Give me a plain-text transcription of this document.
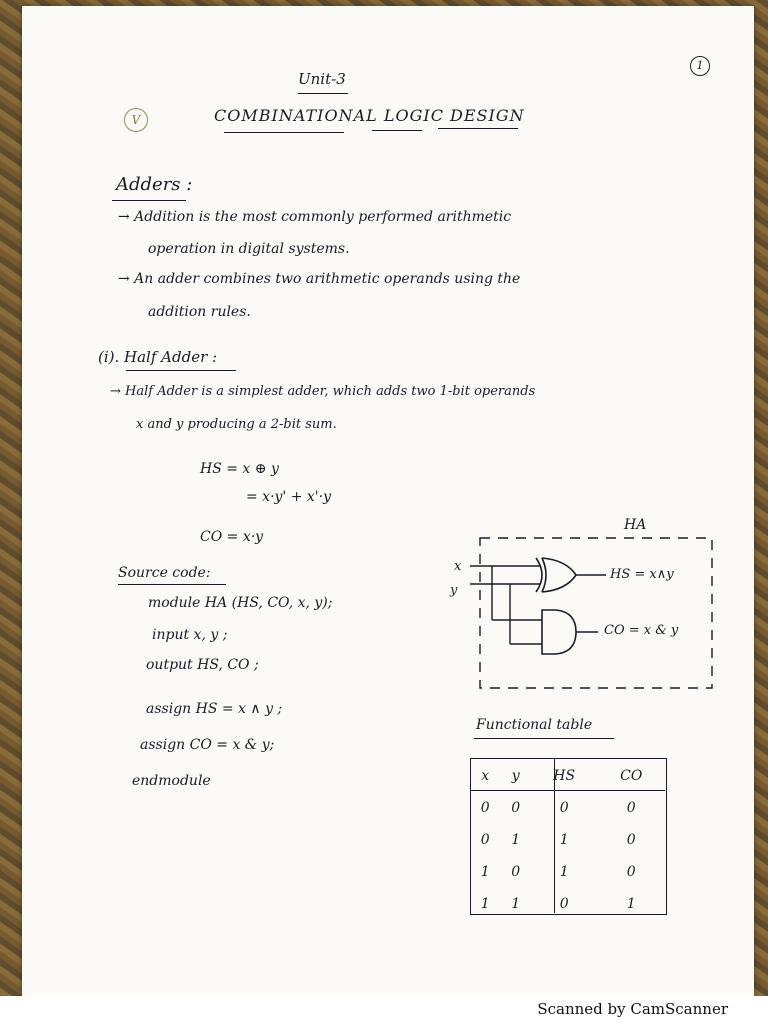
1
V
Unit-3
COMBINATIONAL LOGIC DESIGN
Adders :
→ Addition is the most commonly performed arithmetic
operation in digital systems.
→ An adder combines two arithmetic operands using the
addition rules.
(i). Half Adder :
→ Half Adder is a simplest adder, which adds two 1-bit operands
x and y producing a 2-bit sum.
HS = x ⊕ y
= x·y' + x'·y
CO = x·y
Source code:
module HA (HS, CO, x, y);
input x, y ;
output HS, CO ;
assign HS = x ∧ y ;
assign CO = x & y;
endmodule
HA
x
y
HS = x∧y
CO = x & y
Functional table
x	y	HS	CO
0	0	0	0
0	1	1	0
1	0	1	0
1	1	0	1
Scanned by CamScanner
